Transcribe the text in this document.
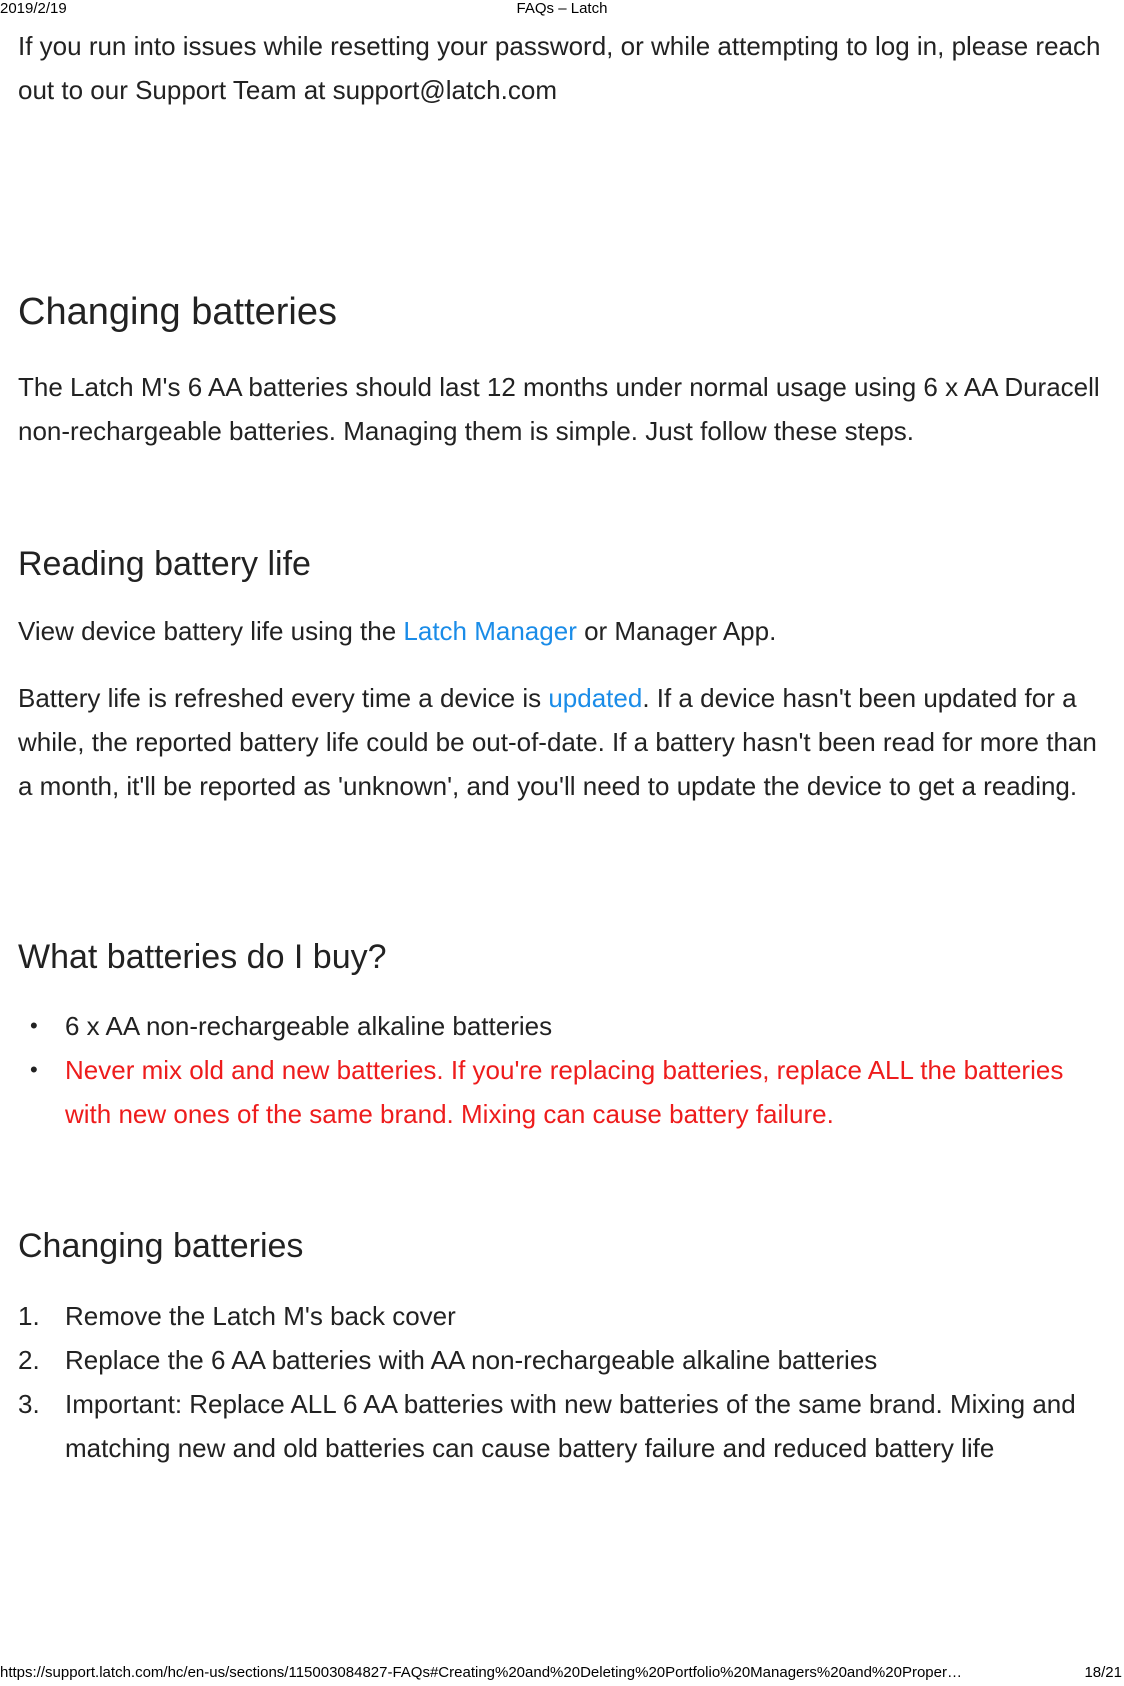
2019/2/19	FAQs – Latch

If you run into issues while resetting your password, or while attempting to log in, please reach out to our Support Team at support@latch.com

Changing batteries

The Latch M's 6 AA batteries should last 12 months under normal usage using 6 x AA Duracell non-rechargeable batteries. Managing them is simple. Just follow these steps.

Reading battery life

View device battery life using the Latch Manager or Manager App.

Battery life is refreshed every time a device is updated. If a device hasn't been updated for a while, the reported battery life could be out-of-date. If a battery hasn't been read for more than a month, it'll be reported as 'unknown', and you'll need to update the device to get a reading.

What batteries do I buy?
• 6 x AA non-rechargeable alkaline batteries
• Never mix old and new batteries. If you're replacing batteries, replace ALL the batteries with new ones of the same brand. Mixing can cause battery failure.
Changing batteries
1. Remove the Latch M's back cover
2. Replace the 6 AA batteries with AA non-rechargeable alkaline batteries
3. Important: Replace ALL 6 AA batteries with new batteries of the same brand. Mixing and matching new and old batteries can cause battery failure and reduced battery life
https://support.latch.com/hc/en-us/sections/115003084827-FAQs#Creating%20and%20Deleting%20Portfolio%20Managers%20and%20Proper…	18/21
